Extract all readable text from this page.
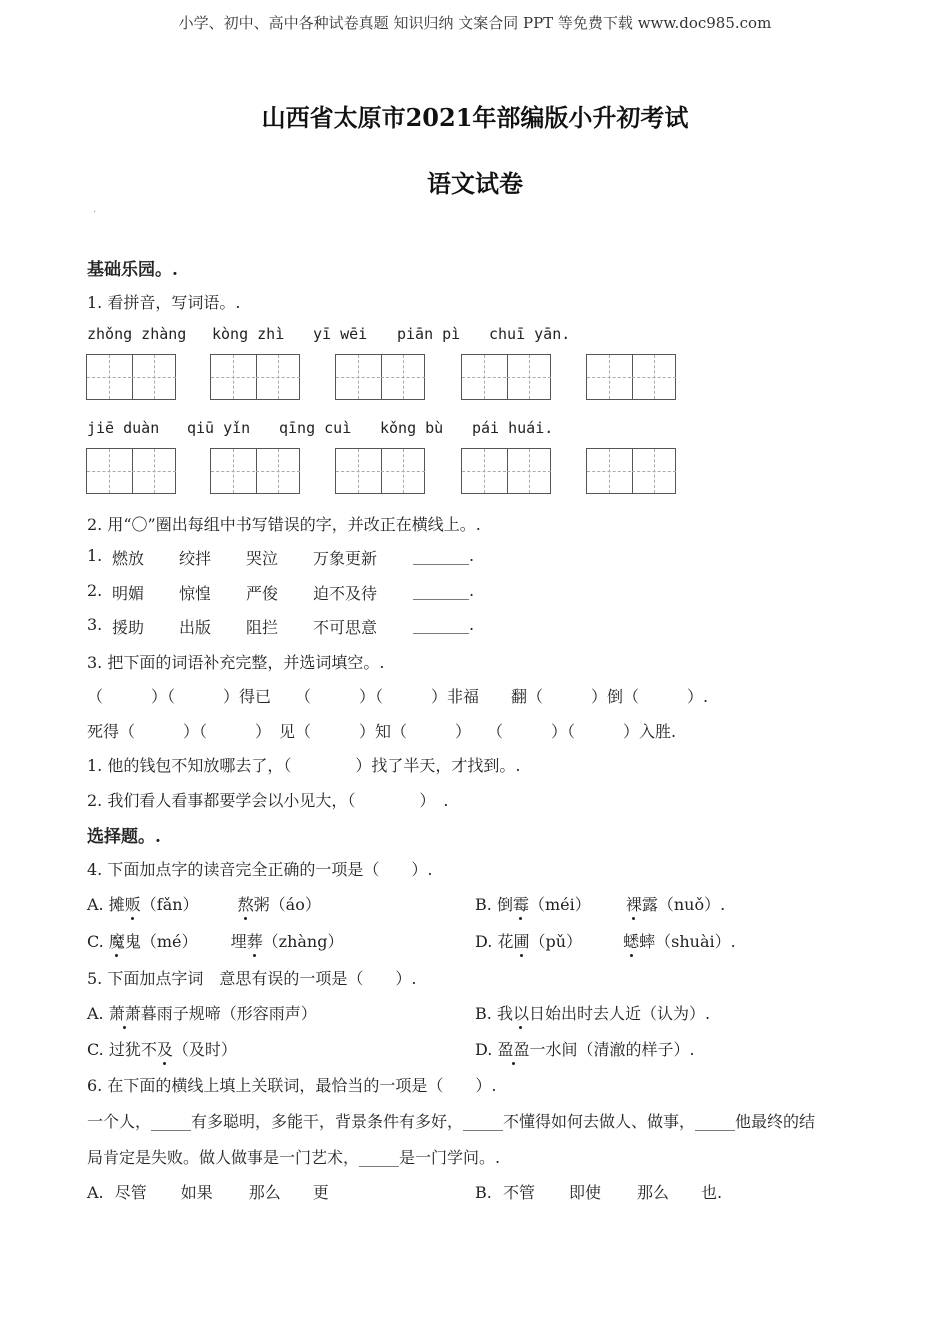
小学、初中、高中各种试卷真题 知识归纳 文案合同 PPT 等免费下载 www.doc985.com
山西省太原市2021年部编版小升初考试
语文试卷
.
基础乐园。.
1. 看拼音，写词语。.
zhǒng zhàng kòng zhì yī wēi piān pì chuī yān.
jiē duàn qiū yǐn qīng cuì kǒng bù pái huái.
2. 用“〇”圈出每组中书写错误的字，并改正在横线上。.
1. 燃放 绞拌 哭泣 万象更新 _______.
2. 明媚 惊惶 严俊 迫不及待 _______.
3. 援助 出版 阻拦 不可思意 _______.
3. 把下面的词语补充完整，并选词填空。.
（　　　）（　　　）得已　　（　　　）（　　　）非福　　翻（　　　）倒（　　　）.
死得（　　　）（　　　）　见（　　　）知（　　　）　　（　　　）（　　　）入胜.
1. 他的钱包不知放哪去了，（　　　　）找了半天，才找到。.
2. 我们看人看事都要学会以小见大，（　　　　）　.
选择题。.
4. 下面加点字的读音完全正确的一项是（　　）.
A. 摊贩（fǎn） 熬粥（áo）	B. 倒霉（méi） 裸露（nuǒ）.
C. 魔鬼（mé） 埋葬（zhàng）	D. 花圃（pǔ）	蟋蟀（shuài）.
5. 下面加点字词　意思有误的一项是（　　）.
A. 萧萧暮雨子规啼（形容雨声）	B. 我以日始出时去人近（认为）.
C. 过犹不及（及时）	D. 盈盈一水间（清澈的样子）.
6. 在下面的横线上填上关联词，最恰当的一项是（　　）.
一个人，_____有多聪明，多能干，背景条件有多好，_____不懂得如何去做人、做事，_____他最终的结
局肯定是失败。做人做事是一门艺术，_____是一门学问。.
A. 尽管 如果 那么 更	B. 不管 即使 那么 也.
